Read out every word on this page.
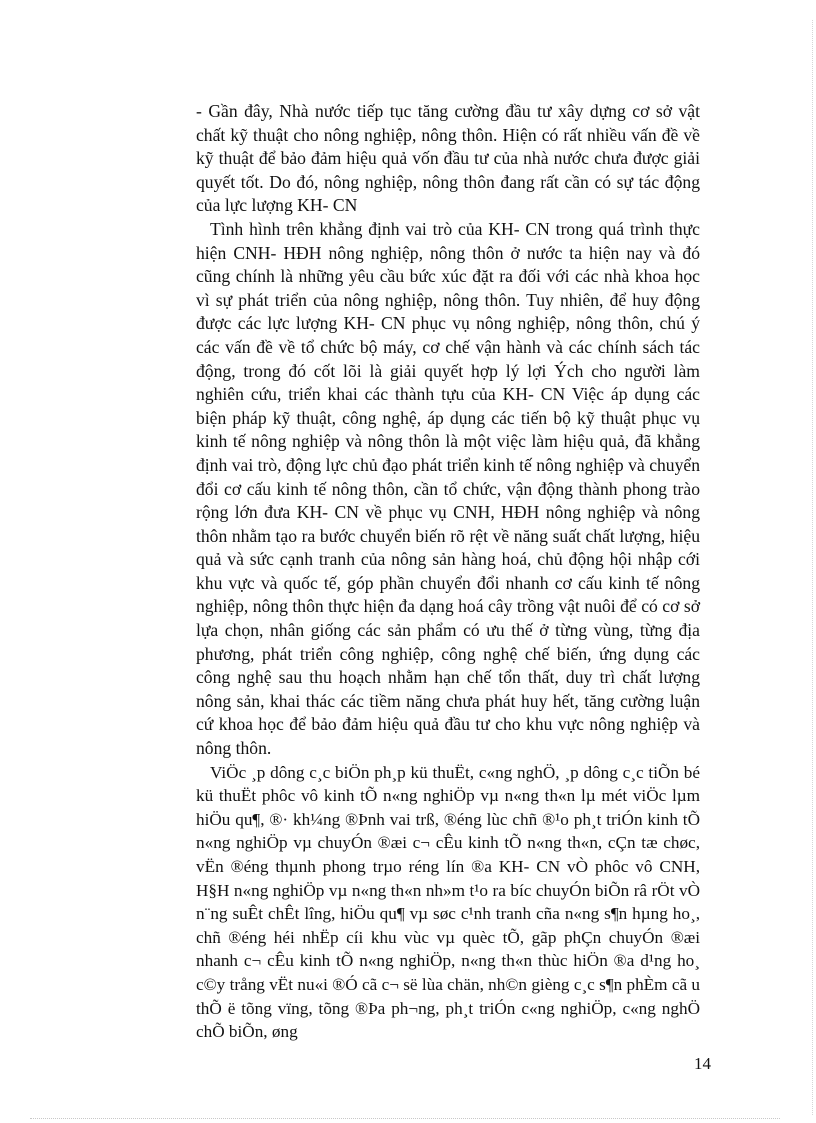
- Gần đây, Nhà nước tiếp tục tăng cường đầu tư xây dựng cơ sở vật chất kỹ thuật cho nông nghiệp, nông thôn. Hiện có rất nhiều vấn đề về kỹ thuật để bảo đảm hiệu quả vốn đầu tư của nhà nước chưa được giải quyết tốt. Do đó, nông nghiệp, nông thôn đang rất cần có sự tác động của lực lượng KH- CN

Tình hình trên khẳng định vai trò của KH- CN trong quá trình thực hiện CNH- HĐH nông nghiệp, nông thôn ở nước ta hiện nay và đó cũng chính là những yêu cầu bức xúc đặt ra đối với các nhà khoa học vì sự phát triển của nông nghiệp, nông thôn. Tuy nhiên, để huy động được các lực lượng KH- CN phục vụ nông nghiệp, nông thôn, chú ý các vấn đề về tổ chức bộ máy, cơ chế vận hành và các chính sách tác động, trong đó cốt lõi là giải quyết hợp lý lợi Ých cho người làm nghiên cứu, triển khai các thành tựu của KH- CN Việc áp dụng các biện pháp kỹ thuật, công nghệ, áp dụng các tiến bộ kỹ thuật phục vụ kinh tế nông nghiệp và nông thôn là một việc làm hiệu quả, đã khẳng định vai trò, động lực chủ đạo phát triển kinh tế nông nghiệp và chuyển đổi cơ cấu kinh tế nông thôn, cần tổ chức, vận động thành phong trào rộng lớn đưa KH- CN về phục vụ CNH, HĐH nông nghiệp và nông thôn nhằm tạo ra bước chuyển biến rõ rệt về năng suất chất lượng, hiệu quả và sức cạnh tranh của nông sản hàng hoá, chủ động hội nhập cới khu vực và quốc tế, góp phần chuyển đổi nhanh cơ cấu kinh tế nông nghiệp, nông thôn thực hiện đa dạng hoá cây trồng vật nuôi để có cơ sở lựa chọn, nhân giống các sản phẩm có ưu thế ở từng vùng, từng địa phương, phát triển công nghiệp, công nghệ chế biến, ứng dụng các công nghệ sau thu hoạch nhằm hạn chế tổn thất, duy trì chất lượng nông sản, khai thác các tiềm năng chưa phát huy hết, tăng cường luận cứ khoa học để bảo đảm hiệu quả đầu tư cho khu vực nông nghiệp và nông thôn.

ViÖc ¸p dông c¸c biÖn ph¸p kü thuËt, c«ng nghÖ, ¸p dông c¸c tiÕn bé kü thuËt phôc vô kinh tÕ n«ng nghiÖp vµ n«ng th«n lµ mét viÖc lµm hiÖu qu¶, ®· kh¼ng ®Þnh vai trß, ®éng lùc chñ ®¹o ph¸t triÓn kinh tÕ n«ng nghiÖp vµ chuyÓn ®æi c¬ cÊu kinh tÕ n«ng th«n, cÇn tæ chøc, vËn ®éng thµnh phong trµo réng lín ®a KH- CN vÒ phôc vô CNH, H§H n«ng nghiÖp vµ n«ng th«n nh»m t¹o ra bíc chuyÓn biÕn râ rÖt vÒ n¨ng suÊt chÊt lîng, hiÖu qu¶ vµ søc c¹nh tranh cña n«ng s¶n hµng ho¸, chñ ®éng héi nhËp cíi khu vùc vµ quèc tÕ, gãp phÇn chuyÓn ®æi nhanh c¬ cÊu kinh tÕ n«ng nghiÖp, n«ng th«n thùc hiÖn ®a d¹ng ho¸ c©y trång vËt nu«i ®Ó cã c¬ së lùa chän, nh©n gièng c¸c s¶n phÈm cã u thÕ ë tõng vïng, tõng ®Þa ph¬ng, ph¸t triÓn c«ng nghiÖp, c«ng nghÖ chÕ biÕn, øng

14
